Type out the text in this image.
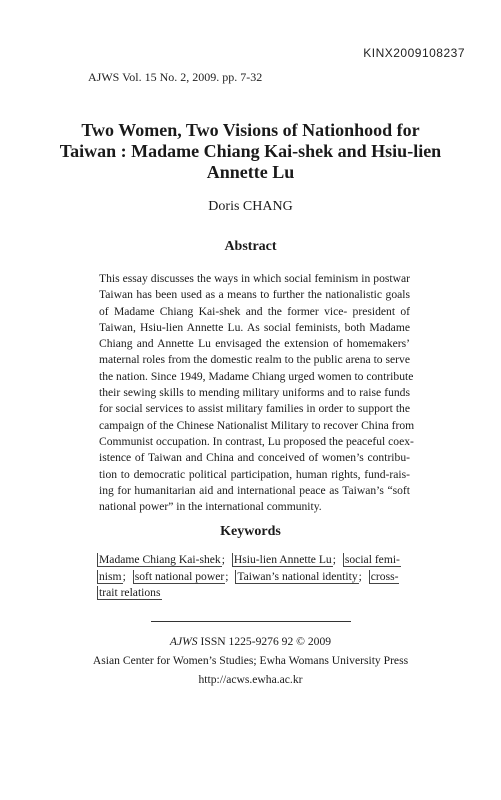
KINX2009108237
AJWS Vol. 15 No. 2, 2009. pp. 7-32
Two Women, Two Visions of Nationhood for
Taiwan : Madame Chiang Kai-shek and Hsiu-lien
Annette Lu
Doris CHANG
Abstract

This essay discusses the ways in which social feminism in postwar
Taiwan has been used as a means to further the nationalistic goals
of Madame Chiang Kai-shek and the former vice- president of
Taiwan, Hsiu-lien Annette Lu. As social feminists, both Madame
Chiang and Annette Lu envisaged the extension of homemakers’
maternal roles from the domestic realm to the public arena to serve
the nation. Since 1949, Madame Chiang urged women to contribute
their sewing skills to mending military uniforms and to raise funds
for social services to assist military families in order to support the
campaign of the Chinese Nationalist Military to recover China from
Communist occupation. In contrast, Lu proposed the peaceful coex-
istence of Taiwan and China and conceived of women’s contribu-
tion to democratic political participation, human rights, fund-rais-
ing for humanitarian aid and international peace as Taiwan’s “soft
national power” in the international community.

Keywords
Madame Chiang Kai-shek; Hsiu-lien Annette Lu; social femi-
nism; soft national power; Taiwan’s national identity; cross-
trait relations
AJWS ISSN 1225-9276 92 © 2009
Asian Center for Women’s Studies; Ewha Womans University Press
http://acws.ewha.ac.kr
